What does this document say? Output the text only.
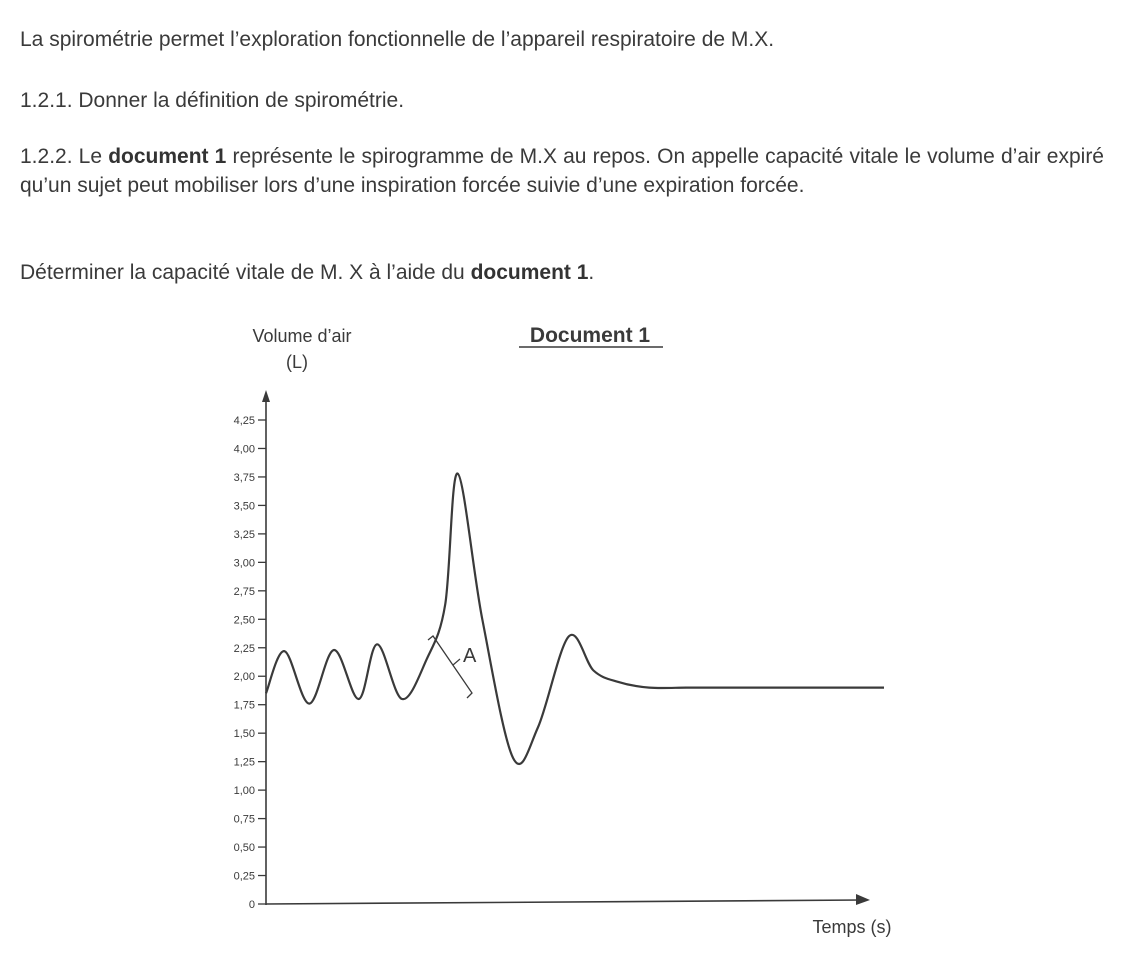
La spirométrie permet l’exploration fonctionnelle de l’appareil respiratoire de M.X.

1.2.1. Donner la définition de spirométrie.

1.2.2. Le document 1 représente le spirogramme de M.X au repos. On appelle capacité vitale le volume d’air expiré qu’un sujet peut mobiliser lors d’une inspiration forcée suivie d’une expiration forcée.

Déterminer la capacité vitale de M. X à l’aide du document 1.

Volume d’air
(L)
Document 1
0
0,25
0,50
0,75
1,00
1,25
1,50
1,75
2,00
2,25
2,50
2,75
3,00
3,25
3,50
3,75
4,00
4,25
A
Temps (s)
